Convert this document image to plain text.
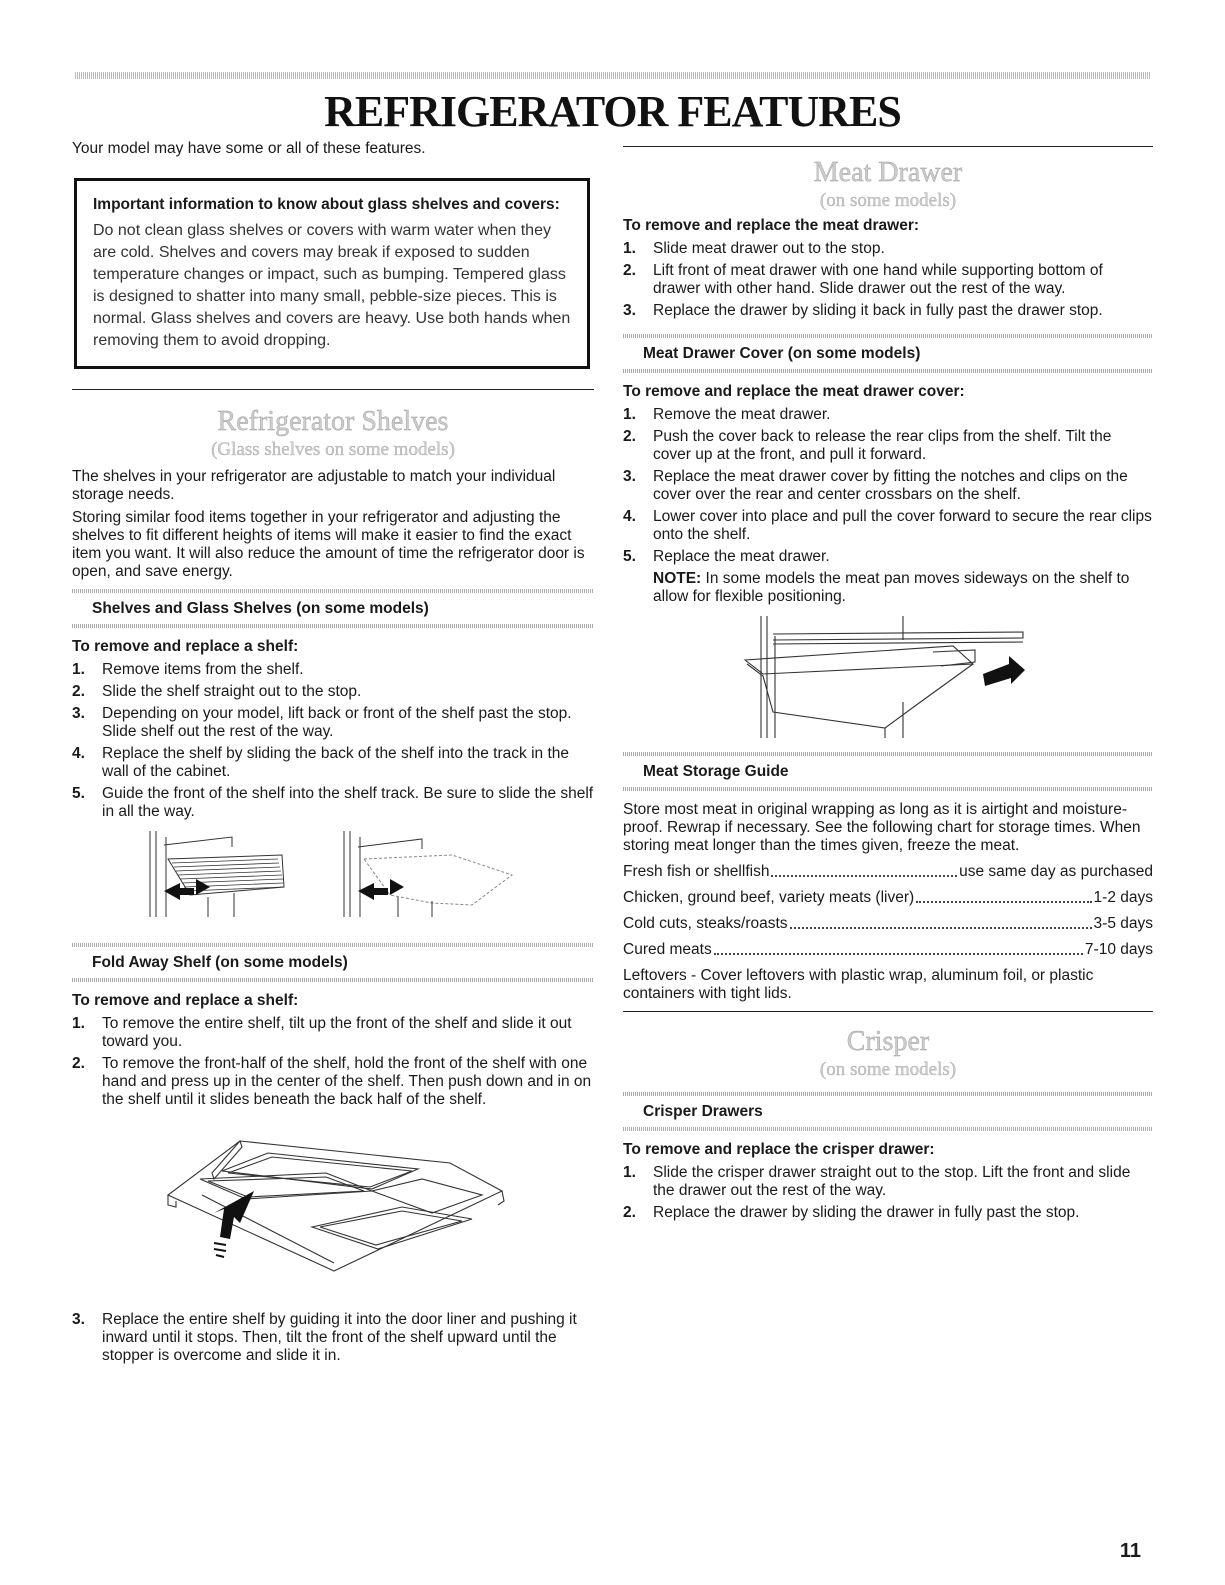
REFRIGERATOR FEATURES
Your model may have some or all of these features.
Important information to know about glass shelves and covers:
Do not clean glass shelves or covers with warm water when they are cold. Shelves and covers may break if exposed to sudden temperature changes or impact, such as bumping. Tempered glass is designed to shatter into many small, pebble-size pieces. This is normal. Glass shelves and covers are heavy. Use both hands when removing them to avoid dropping.
Refrigerator Shelves
(Glass shelves on some models)

The shelves in your refrigerator are adjustable to match your individual storage needs.

Storing similar food items together in your refrigerator and adjusting the shelves to fit different heights of items will make it easier to find the exact item you want. It will also reduce the amount of time the refrigerator door is open, and save energy.

Shelves and Glass Shelves (on some models)
To remove and replace a shelf:
1.	Remove items from the shelf.
2.	Slide the shelf straight out to the stop.
3.	Depending on your model, lift back or front of the shelf past the stop. Slide shelf out the rest of the way.
4.	Replace the shelf by sliding the back of the shelf into the track in the wall of the cabinet.
5.	Guide the front of the shelf into the shelf track. Be sure to slide the shelf in all the way.
Fold Away Shelf (on some models)
To remove and replace a shelf:
1.	To remove the entire shelf, tilt up the front of the shelf and slide it out toward you.
2.	To remove the front-half of the shelf, hold the front of the shelf with one hand and press up in the center of the shelf. Then push down and in on the shelf until it slides beneath the back half of the shelf.
3.	Replace the entire shelf by guiding it into the door liner and pushing it inward until it stops. Then, tilt the front of the shelf upward until the stopper is overcome and slide it in.
Meat Drawer
(on some models)
To remove and replace the meat drawer:
1.	Slide meat drawer out to the stop.
2.	Lift front of meat drawer with one hand while supporting bottom of drawer with other hand. Slide drawer out the rest of the way.
3.	Replace the drawer by sliding it back in fully past the drawer stop.
Meat Drawer Cover (on some models)
To remove and replace the meat drawer cover:
1.	Remove the meat drawer.
2.	Push the cover back to release the rear clips from the shelf. Tilt the cover up at the front, and pull it forward.
3.	Replace the meat drawer cover by fitting the notches and clips on the cover over the rear and center crossbars on the shelf.
4.	Lower cover into place and pull the cover forward to secure the rear clips onto the shelf.
5.	Replace the meat drawer.
NOTE: In some models the meat pan moves sideways on the shelf to allow for flexible positioning.
Meat Storage Guide

Store most meat in original wrapping as long as it is airtight and moisture-proof. Rewrap if necessary. See the following chart for storage times. When storing meat longer than the times given, freeze the meat.

Fresh fish or shellfish	use same day as purchased
Chicken, ground beef, variety meats (liver)	1-2 days
Cold cuts, steaks/roasts	3-5 days
Cured meats	7-10 days

Leftovers - Cover leftovers with plastic wrap, aluminum foil, or plastic containers with tight lids.

Crisper
(on some models)
Crisper Drawers
To remove and replace the crisper drawer:
1.	Slide the crisper drawer straight out to the stop. Lift the front and slide the drawer out the rest of the way.
2.	Replace the drawer by sliding the drawer in fully past the stop.
11
